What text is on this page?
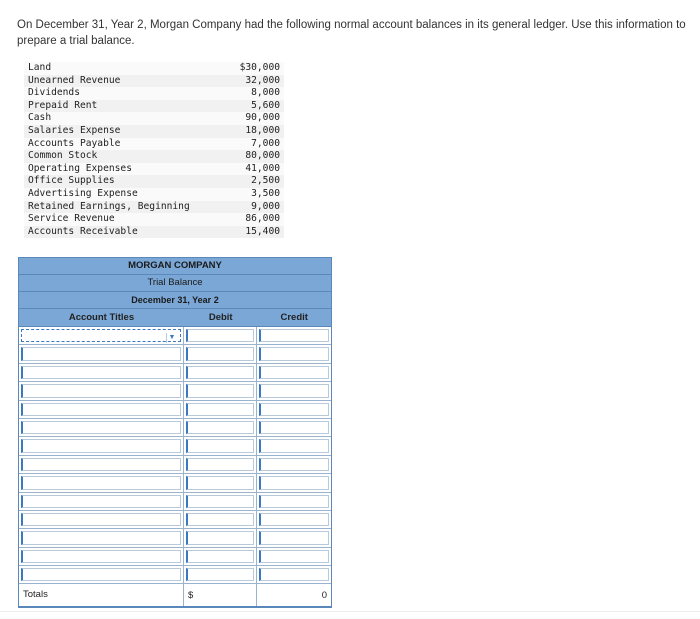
On December 31, Year 2, Morgan Company had the following normal account balances in its general ledger. Use this information to prepare a trial balance.
Land	$30,000
Unearned Revenue	32,000
Dividends	8,000
Prepaid Rent	5,600
Cash	90,000
Salaries Expense	18,000
Accounts Payable	7,000
Common Stock	80,000
Operating Expenses	41,000
Office Supplies	2,500
Advertising Expense	3,500
Retained Earnings, Beginning	9,000
Service Revenue	86,000
Accounts Receivable	15,400
MORGAN COMPANY
Trial Balance
December 31, Year 2
Account Titles	Debit	Credit
▼
Totals	$	0
